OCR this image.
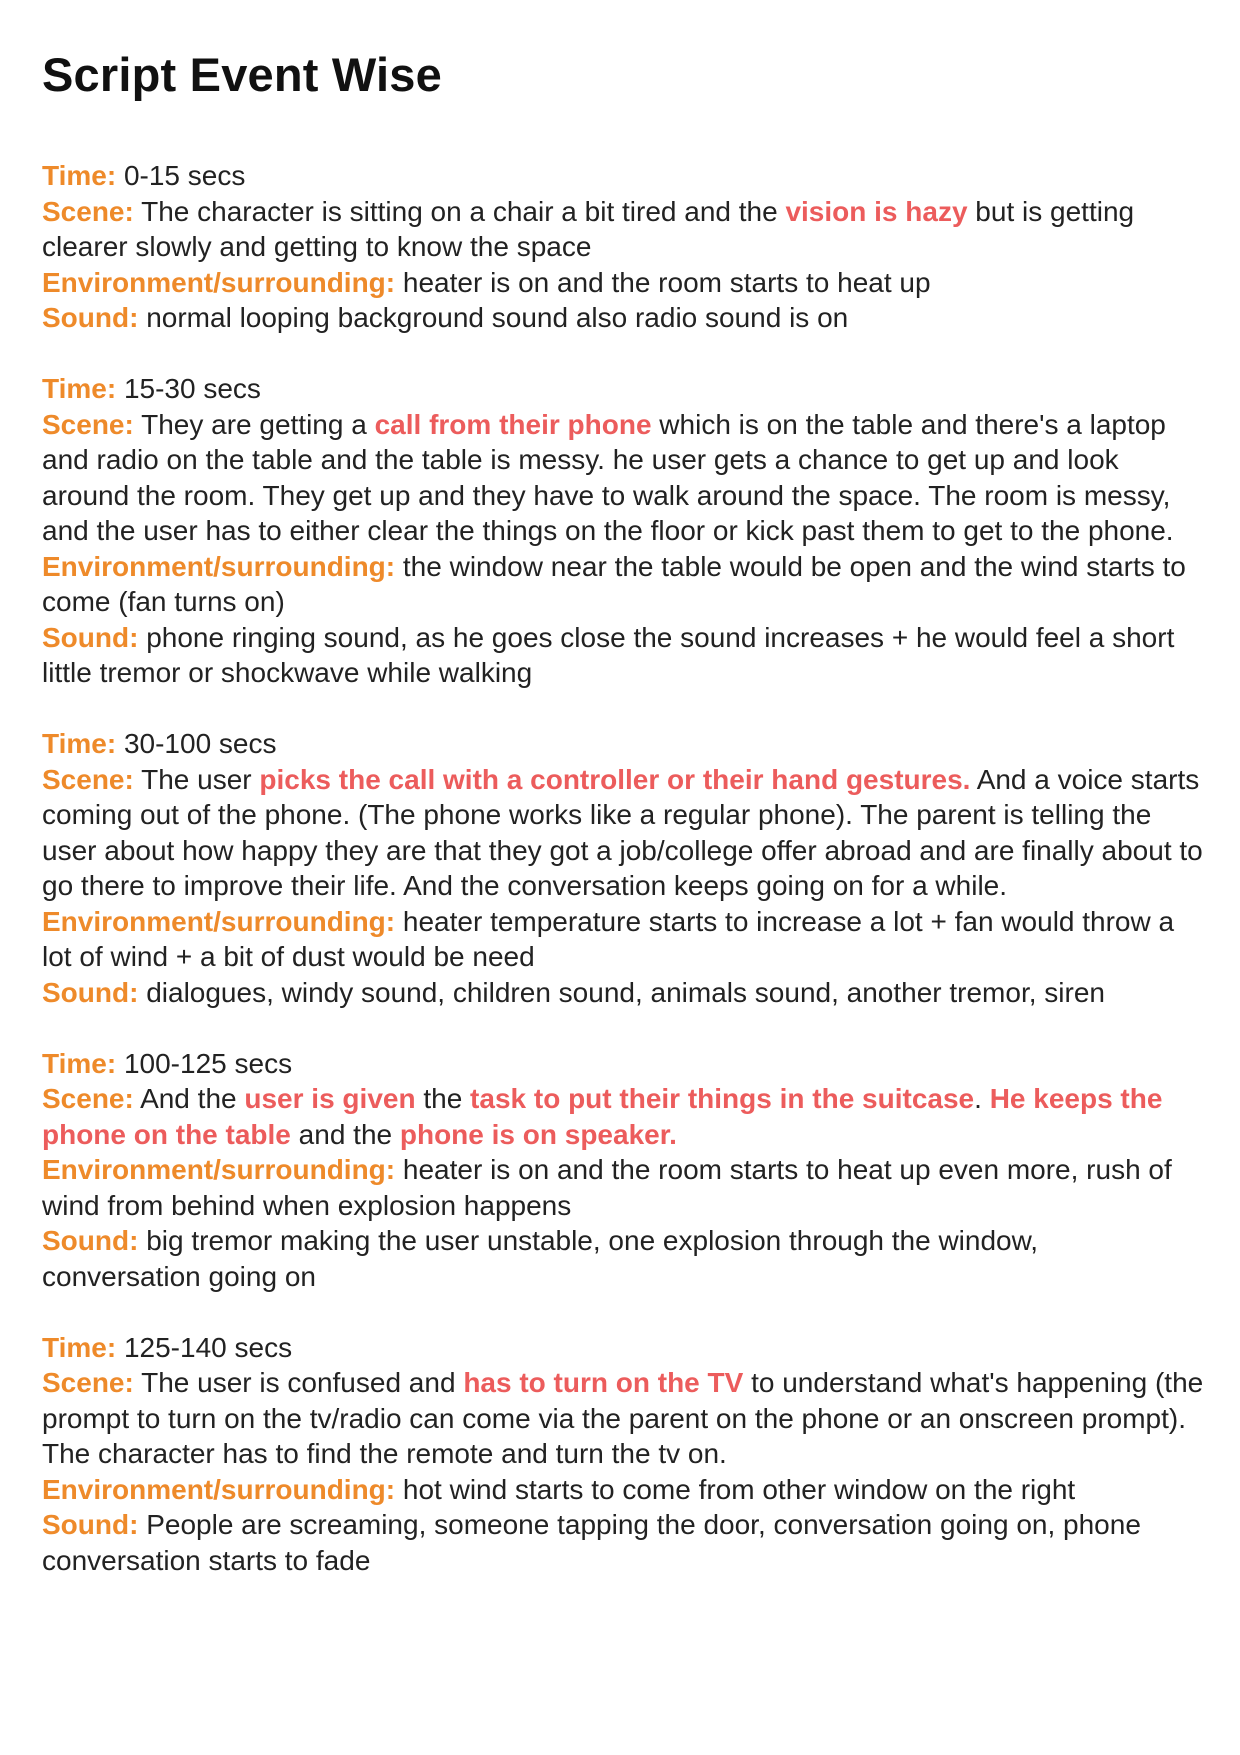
Script Event Wise

Time: 0-15 secs

Scene: The character is sitting on a chair a bit tired and the vision is hazy but is getting clearer slowly and getting to know the space

Environment/surrounding: heater is on and the room starts to heat up

Sound: normal looping background sound also radio sound is on

Time: 15-30 secs

Scene: They are getting a call from their phone which is on the table and there's a laptop and radio on the table and the table is messy. he user gets a chance to get up and look around the room. They get up and they have to walk around the space. The room is messy, and the user has to either clear the things on the floor or kick past them to get to the phone.

Environment/surrounding: the window near the table would be open and the wind starts to come (fan turns on)

Sound: phone ringing sound, as he goes close the sound increases + he would feel a short little tremor or shockwave while walking

Time: 30-100 secs

Scene: The user picks the call with a controller or their hand gestures. And a voice starts coming out of the phone. (The phone works like a regular phone). The parent is telling the user about how happy they are that they got a job/college offer abroad and are finally about to go there to improve their life. And the conversation keeps going on for a while.

Environment/surrounding: heater temperature starts to increase a lot + fan would throw a lot of wind + a bit of dust would be need

Sound: dialogues, windy sound, children sound, animals sound, another tremor, siren

Time: 100-125 secs

Scene: And the user is given the task to put their things in the suitcase. He keeps the phone on the table and the phone is on speaker.

Environment/surrounding: heater is on and the room starts to heat up even more, rush of wind from behind when explosion happens

Sound: big tremor making the user unstable, one explosion through the window, conversation going on

Time: 125-140 secs

Scene: The user is confused and has to turn on the TV to understand what's happening (the prompt to turn on the tv/radio can come via the parent on the phone or an onscreen prompt). The character has to find the remote and turn the tv on.

Environment/surrounding: hot wind starts to come from other window on the right

Sound: People are screaming, someone tapping the door, conversation going on, phone conversation starts to fade
